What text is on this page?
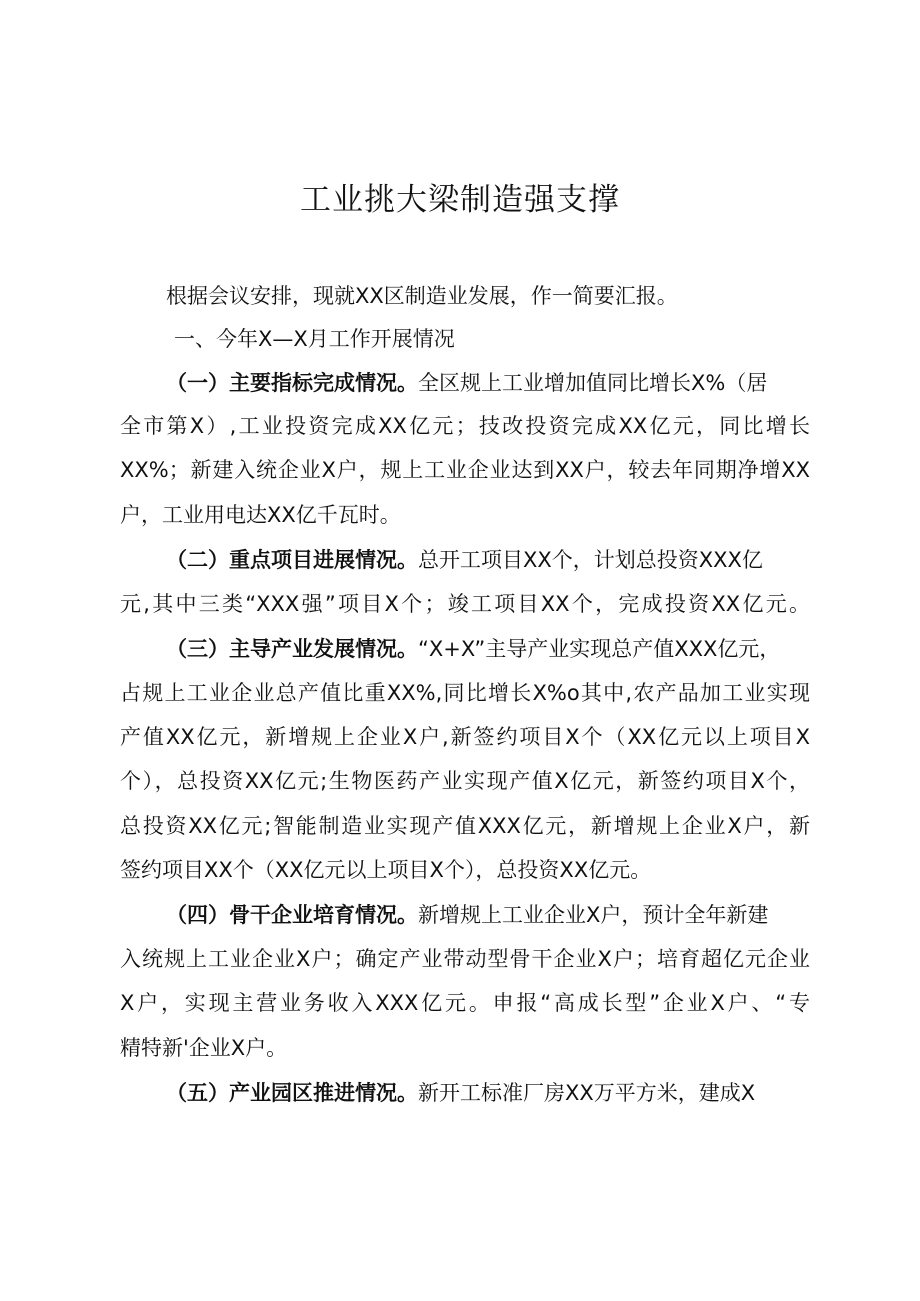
工业挑大梁制造强支撑
根据会议安排，现就XX区制造业发展，作一简要汇报。
一、今年X—X月工作开展情况
（一）主要指标完成情况。全区规上工业增加值同比增长X%（居
全市第X）,工业投资完成XX亿元；技改投资完成XX亿元，同比增长
XX%；新建入统企业X户，规上工业企业达到XX户，较去年同期净增XX
户，工业用电达XX亿千瓦时。
（二）重点项目进展情况。总开工项目XX个，计划总投资XXX亿
元,其中三类“XXX强”项目X个；竣工项目XX个，完成投资XX亿元。
（三）主导产业发展情况。“X+X”主导产业实现总产值XXX亿元，
占规上工业企业总产值比重XX%,同比增长X%o其中,农产品加工业实现
产值XX亿元，新增规上企业X户,新签约项目X个（XX亿元以上项目X
个），总投资XX亿元;生物医药产业实现产值X亿元，新签约项目X个，
总投资XX亿元;智能制造业实现产值XXX亿元，新增规上企业X户，新
签约项目XX个（XX亿元以上项目X个），总投资XX亿元。
（四）骨干企业培育情况。新增规上工业企业X户，预计全年新建
入统规上工业企业X户；确定产业带动型骨干企业X户；培育超亿元企业
X户，实现主营业务收入XXX亿元。申报“高成长型”企业X户、“专
精特新'企业X户。
（五）产业园区推进情况。新开工标准厂房XX万平方米，建成X
